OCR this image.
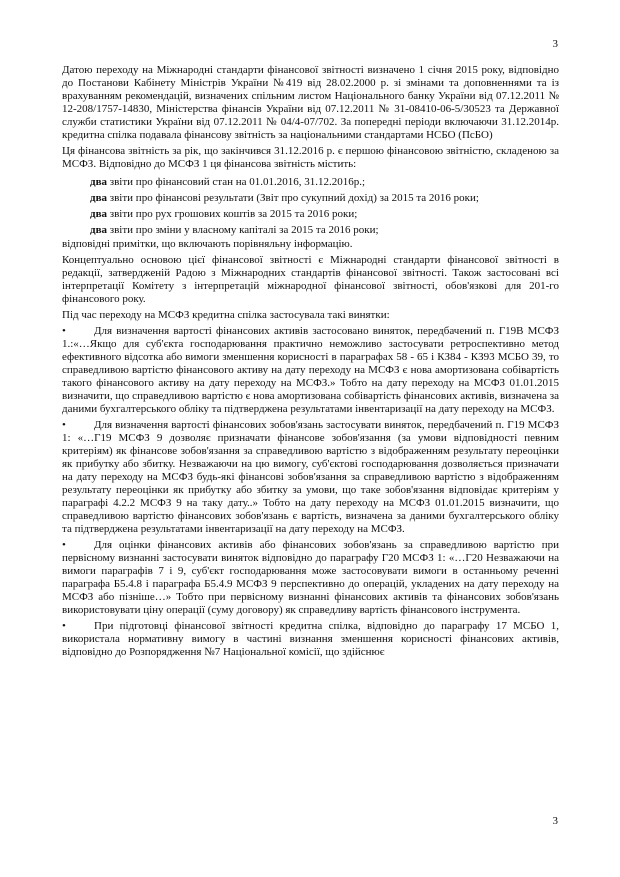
3

Датою переходу на Міжнародні стандарти фінансової звітності визначено 1 січня 2015 року, відповідно до Постанови Кабінету Міністрів України №419 від 28.02.2000 р. зі змінами та доповненнями та із врахуванням рекомендацій, визначених спільним листом Національного банку України від 07.12.2011 № 12-208/1757-14830, Міністерства фінансів України від 07.12.2011 № 31-08410-06-5/30523 та Державної служби статистики України від 07.12.2011 № 04/4-07/702. За попередні періоди включаючи 31.12.2014р. кредитна спілка подавала фінансову звітність за національними стандартами НСБО (ПсБО)

Ця фінансова звітність за рік, що закінчився 31.12.2016 р. є першою фінансовою звітністю, складеною за МСФЗ. Відповідно до МСФЗ 1 ця фінансова звітність містить:

два звіти про фінансовий стан на 01.01.2016, 31.12.2016р.;

два звіти про фінансові результати (Звіт про сукупний дохід) за 2015 та 2016 роки;

два звіти про рух грошових коштів за 2015 та 2016 роки;

два звіти про зміни у власному капіталі за 2015 та 2016 роки;

відповідні примітки, що включають порівняльну інформацію.

Концептуально основою цієї фінансової звітності є Міжнародні стандарти фінансової звітності в редакції, затвердженій Радою з Міжнародних стандартів фінансової звітності. Також застосовані всі інтерпретації Комітету з інтерпретацій міжнародної фінансової звітності, обов'язкові для 201-го фінансового року.

Під час переходу на МСФЗ кредитна спілка застосувала такі винятки:

•	Для визначення вартості фінансових активів застосовано виняток, передбачений п. Г19В МСФЗ 1.:«…Якщо для суб'єкта господарювання практично неможливо застосувати ретроспективно метод ефективного відсотка або вимоги зменшення корисності в параграфах 58 - 65 і КЗ84 - КЗ93 МСБО 39, то справедливою вартістю фінансового активу на дату переходу на МСФЗ є нова амортизована собівартість такого фінансового активу на дату переходу на МСФЗ.» Тобто на дату переходу на МСФЗ 01.01.2015 визначити, що справедливою вартістю є нова амортизована собівартість фінансових активів, визначена за даними бухгалтерського обліку та підтверджена результатами інвентаризації на дату переходу на МСФЗ.

•	Для визначення вартості фінансових зобов'язань застосувати виняток, передбачений п. Г19 МСФЗ 1: «…Г19 МСФЗ 9 дозволяє призначати фінансове зобов'язання (за умови відповідності певним критеріям) як фінансове зобов'язання за справедливою вартістю з відображенням результату переоцінки як прибутку або збитку. Незважаючи на цю вимогу, суб'єктові господарювання дозволяється призначати на дату переходу на МСФЗ будь-які фінансові зобов'язання за справедливою вартістю з відображенням результату переоцінки як прибутку або збитку за умови, що таке зобов'язання відповідає критеріям у параграфі 4.2.2 МСФЗ 9 на таку дату..» Тобто на дату переходу на МСФЗ 01.01.2015 визначити, що справедливою вартістю фінансових зобов'язань є вартість, визначена за даними бухгалтерського обліку та підтверджена результатами інвентаризації на дату переходу на МСФЗ.

•	Для оцінки фінансових активів або фінансових зобов'язань за справедливою вартістю при первісному визнанні застосувати виняток відповідно до параграфу Г20 МСФЗ 1: «…Г20 Незважаючи на вимоги параграфів 7 і 9, суб'єкт господарювання може застосовувати вимоги в останньому реченні параграфа Б5.4.8 і параграфа Б5.4.9 МСФЗ 9 перспективно до операцій, укладених на дату переходу на МСФЗ або пізніше…» Тобто при первісному визнанні фінансових активів та фінансових зобов'язань використовувати ціну операції (суму договору) як справедливу вартість фінансового інструмента.

•	При підготовці фінансової звітності кредитна спілка, відповідно до параграфу 17 МСБО 1, використала нормативну вимогу в частині визнання зменшення корисності фінансових активів, відповідно до Розпорядження №7 Національної комісії, що здійснює

3
